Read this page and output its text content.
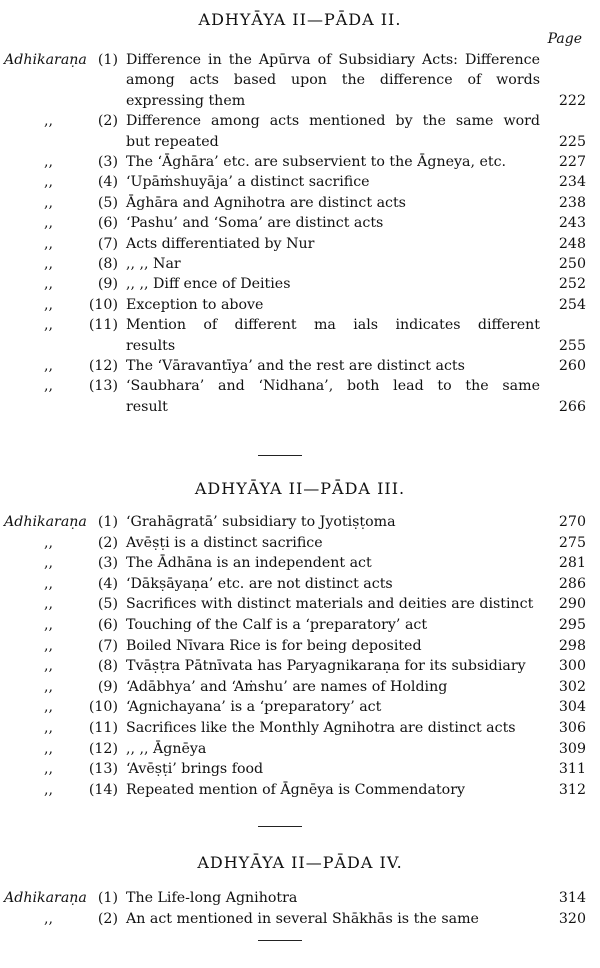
Page
ADHYĀYA II—PĀDA II.
Adhikaraṇa (1) Difference in the Apūrva of Subsidiary Acts: Difference
among acts based upon the difference of words
expressing them	222
,,	(2) Difference among acts mentioned by the same word
but repeated	225
,,	(3) The ‘Āghāra’ etc. are subservient to the Āgneya, etc.	227
,,	(4) ‘Upāṁshuyāja’ a distinct sacrifice	234
,,	(5) Āghāra and Agnihotra are distinct acts	238
,,	(6) ‘Pashu’ and ‘Soma’ are distinct acts	243
,,	(7) Acts differentiated by Nur	248
,,	(8) ,, ,, Nar	250
,,	(9) ,, ,, Diff ence of Deities	252
,,	(10) Exception to above	254
,,	(11) Mention of different ma ials indicates different
results	255
,,	(12) The ‘Vāravantīya’ and the rest are distinct acts	260
,,	(13) ‘Saubhara’ and ‘Nidhana’, both lead to the same
result	266
ADHYĀYA II—PĀDA III.
Adhikaraṇa (1) ‘Grahāgratā’ subsidiary to Jyotiṣṭoma	270
,,	(2) Avēṣṭi is a distinct sacrifice	275
,,	(3) The Ādhāna is an independent act	281
,,	(4) ‘Dākṣāyaṇa’ etc. are not distinct acts	286
,,	(5) Sacrifices with distinct materials and deities are distinct	290
,,	(6) Touching of the Calf is a ‘preparatory’ act	295
,,	(7) Boiled Nīvara Rice is for being deposited	298
,,	(8) Tvāṣṭra Pātnīvata has Paryagnikaraṇa for its subsidiary	300
,,	(9) ‘Adābhya’ and ‘Aṁshu’ are names of Holding	302
,,	(10) ‘Agnichayana’ is a ‘preparatory’ act	304
,,	(11) Sacrifices like the Monthly Agnihotra are distinct acts	306
,,	(12) ,, ,, Āgnēya	309
,,	(13) ‘Avēṣṭi’ brings food	311
,,	(14) Repeated mention of Āgnēya is Commendatory	312
ADHYĀYA II—PĀDA IV.
Adhikaraṇa (1) The Life-long Agnihotra	314
,,	(2) An act mentioned in several Shākhās is the same	320
